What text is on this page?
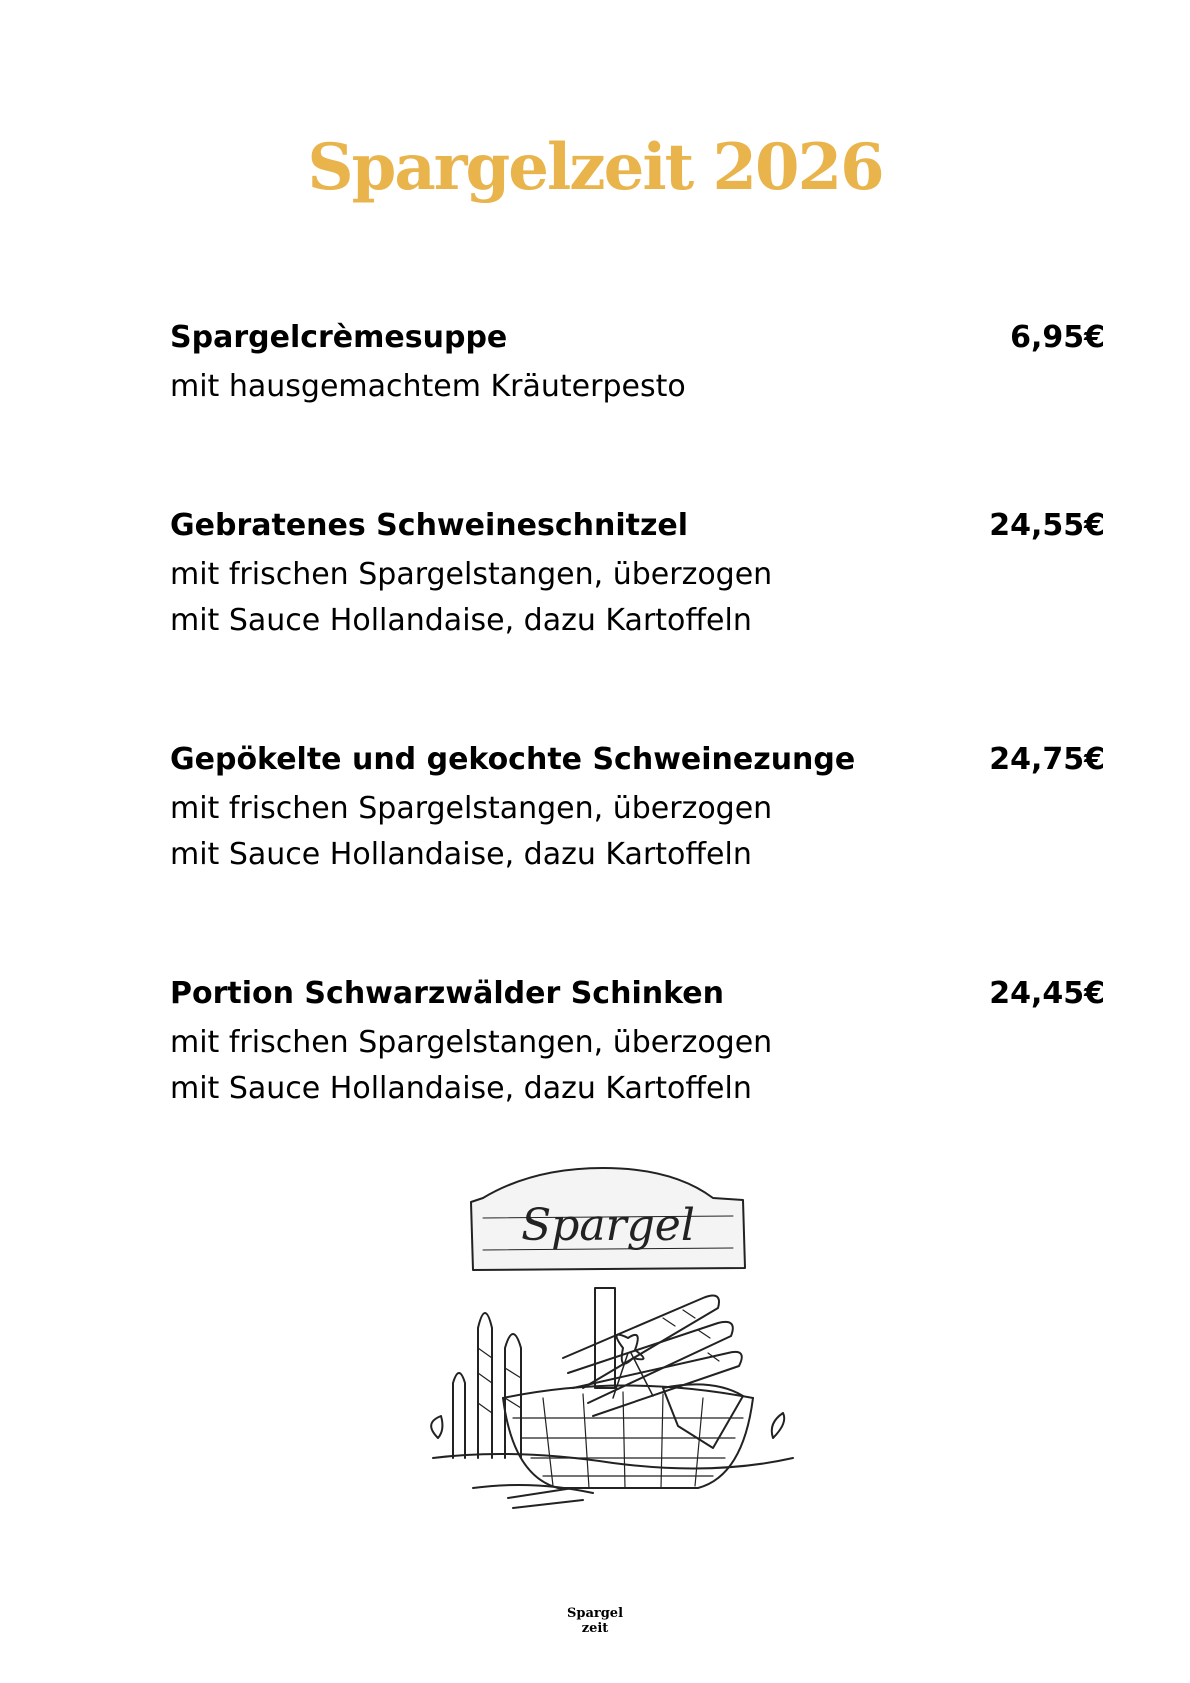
Spargelzeit 2026
Spargelcrèmesuppe	6,95€
mit hausgemachtem Kräuterpesto
Gebratenes Schweineschnitzel	24,55€
mit frischen Spargelstangen, überzogen
mit Sauce Hollandaise, dazu Kartoffeln
Gepökelte und gekochte Schweinezunge	24,75€
mit frischen Spargelstangen, überzogen
mit Sauce Hollandaise, dazu Kartoffeln
Portion Schwarzwälder Schinken	24,45€
mit frischen Spargelstangen, überzogen
mit Sauce Hollandaise, dazu Kartoffeln
Spargel
Spargel
zeit
